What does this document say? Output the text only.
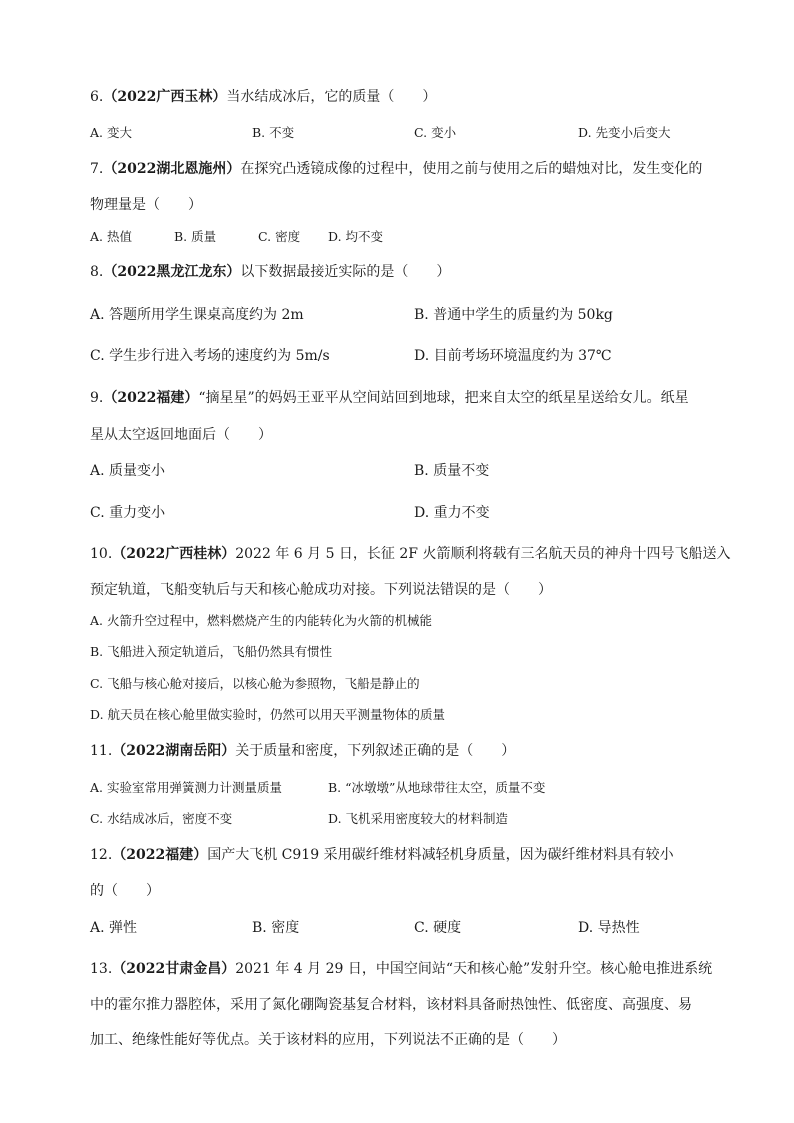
6.（2022广西玉林）当水结成冰后，它的质量（　　）
A. 变大	B. 不变	C. 变小	D. 先变小后变大
7.（2022湖北恩施州）在探究凸透镜成像的过程中，使用之前与使用之后的蜡烛对比，发生变化的
物理量是（　　）
A. 热值	B. 质量	C. 密度 D. 均不变
8.（2022黑龙江龙东）以下数据最接近实际的是（　　）
A. 答题所用学生课桌高度约为 2m	B. 普通中学生的质量约为 50kg
C. 学生步行进入考场的速度约为 5m/s	D. 目前考场环境温度约为 37℃
9.（2022福建）“摘星星”的妈妈王亚平从空间站回到地球，把来自太空的纸星星送给女儿。纸星
星从太空返回地面后（　　）
A. 质量变小	B. 质量不变
C. 重力变小	D. 重力不变
10.（2022广西桂林）2022 年 6 月 5 日，长征 2F 火箭顺利将载有三名航天员的神舟十四号飞船送入
预定轨道，飞船变轨后与天和核心舱成功对接。下列说法错误的是（　　）
A. 火箭升空过程中，燃料燃烧产生的内能转化为火箭的机械能
B. 飞船进入预定轨道后，飞船仍然具有惯性
C. 飞船与核心舱对接后，以核心舱为参照物，飞船是静止的
D. 航天员在核心舱里做实验时，仍然可以用天平测量物体的质量
11.（2022湖南岳阳）关于质量和密度，下列叙述正确的是（　　）
A. 实验室常用弹簧测力计测量质量	B. “冰墩墩”从地球带往太空，质量不变
C. 水结成冰后，密度不变	D. 飞机采用密度较大的材料制造
12.（2022福建）国产大飞机 C919 采用碳纤维材料减轻机身质量，因为碳纤维材料具有较小
的（　　）
A. 弹性	B. 密度	C. 硬度	D. 导热性
13.（2022甘肃金昌）2021 年 4 月 29 日，中国空间站“天和核心舱”发射升空。核心舱电推进系统
中的霍尔推力器腔体，采用了氮化硼陶瓷基复合材料，该材料具备耐热蚀性、低密度、高强度、易
加工、绝缘性能好等优点。关于该材料的应用，下列说法不正确的是（　　）
